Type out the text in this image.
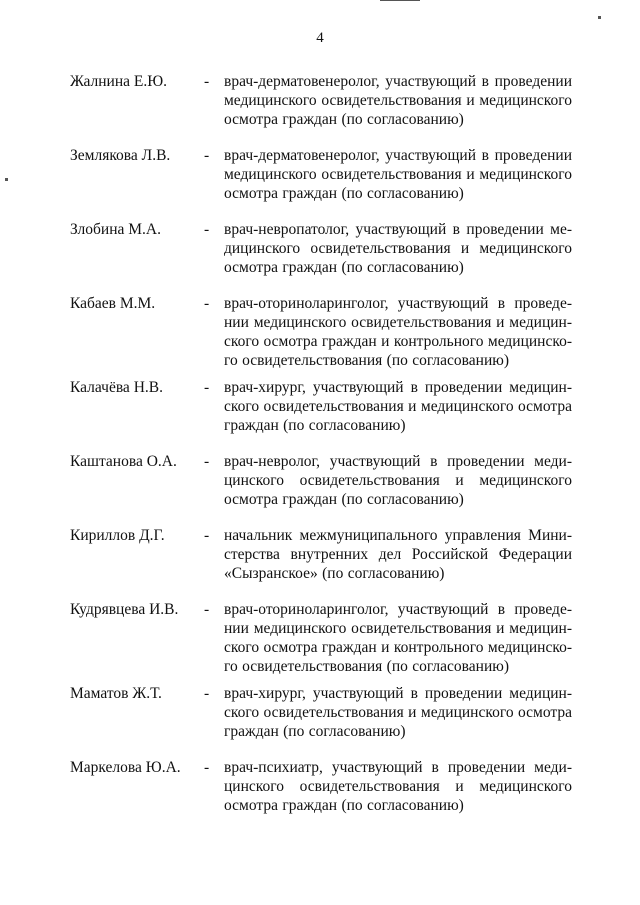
4
Жалнина Е.Ю. - врач-дерматовенеролог, участвующий в проведении
медицинского освидетельствования и медицинского
осмотра граждан (по согласованию)
Землякова Л.В. - врач-дерматовенеролог, участвующий в проведении
медицинского освидетельствования и медицинского
осмотра граждан (по согласованию)
Злобина М.А.	- врач-невропатолог, участвующий в проведении ме-
дицинского освидетельствования и медицинского
осмотра граждан (по согласованию)
Кабаев М.М.	- врач-оториноларинголог, участвующий в проведе-
нии медицинского освидетельствования и медицин-
ского осмотра граждан и контрольного медицинско-
го освидетельствования (по согласованию)
Калачёва Н.В.	- врач-хирург, участвующий в проведении медицин-
ского освидетельствования и медицинского осмотра
граждан (по согласованию)
Каштанова О.А. - врач-невролог, участвующий в проведении меди-
цинского освидетельствования и медицинского
осмотра граждан (по согласованию)
Кириллов Д.Г.	- начальник межмуниципального управления Мини-
стерства внутренних дел Российской Федерации
«Сызранское» (по согласованию)
Кудрявцева И.В. - врач-оториноларинголог, участвующий в проведе-
нии медицинского освидетельствования и медицин-
ского осмотра граждан и контрольного медицинско-
го освидетельствования (по согласованию)
Маматов Ж.Т.	- врач-хирург, участвующий в проведении медицин-
ского освидетельствования и медицинского осмотра
граждан (по согласованию)
Маркелова Ю.А. - врач-психиатр, участвующий в проведении меди-
цинского освидетельствования и медицинского
осмотра граждан (по согласованию)
